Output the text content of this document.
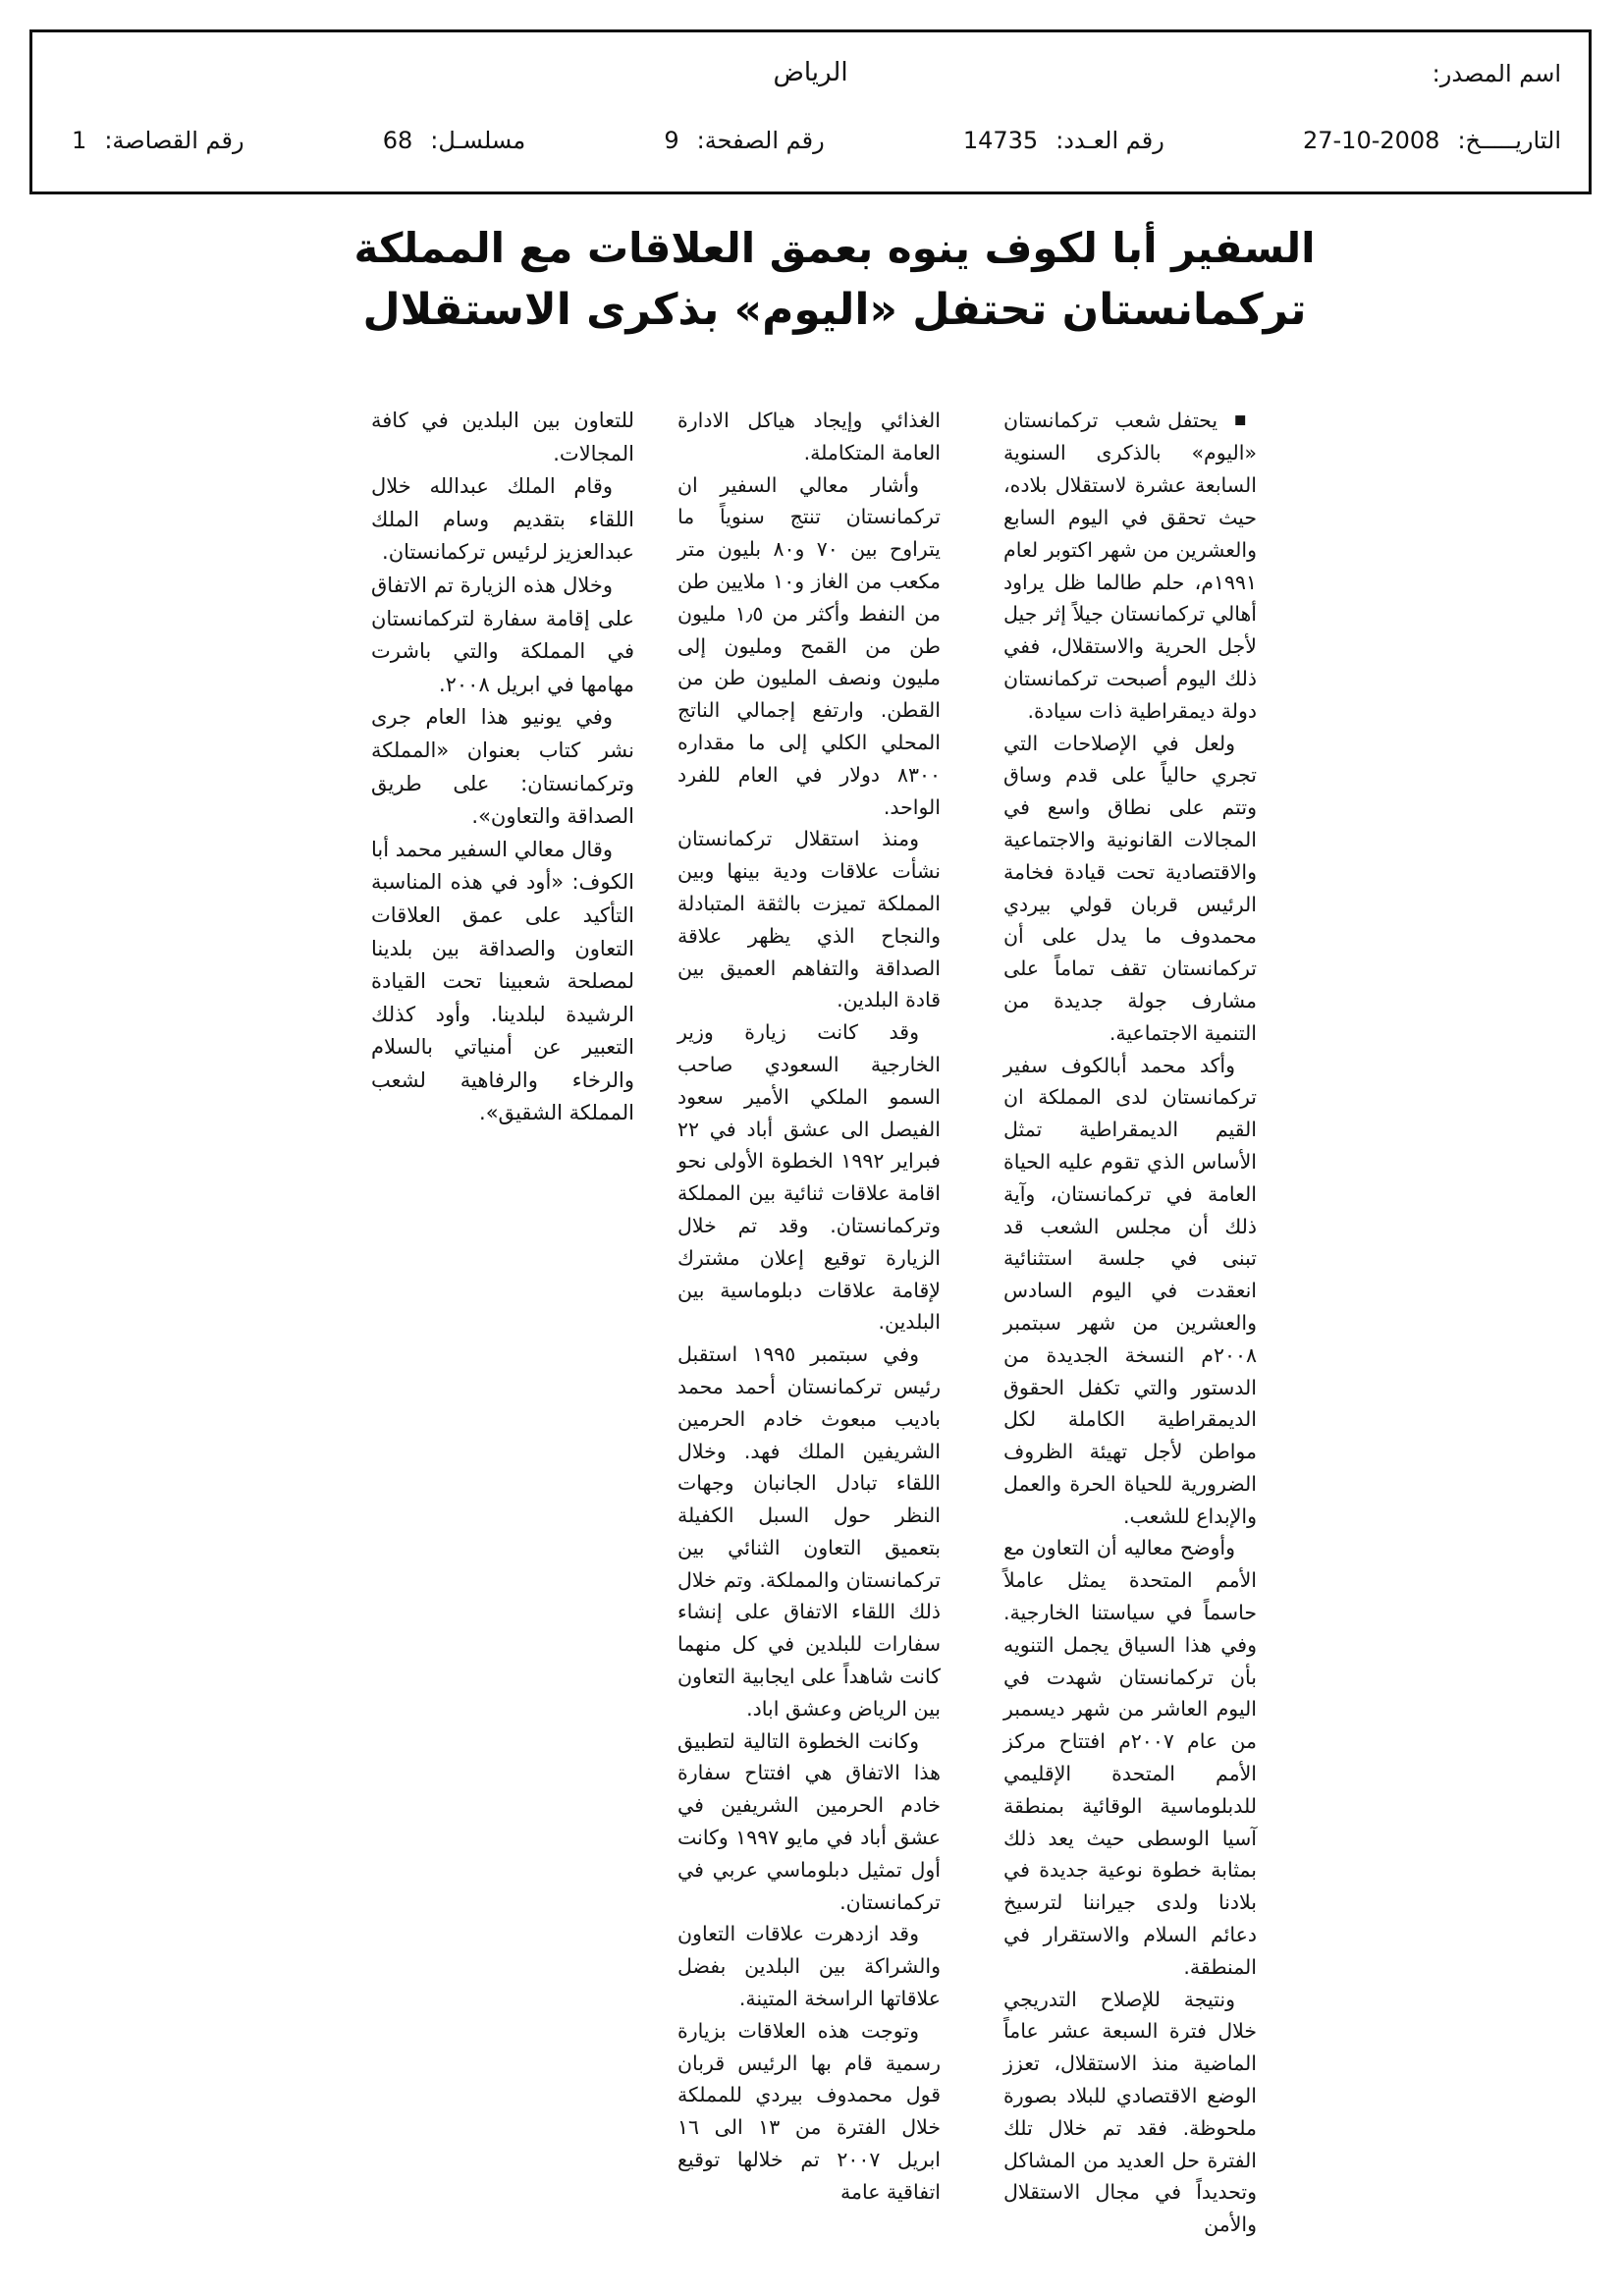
اسم المصدر:
الرياض
التاريـــــخ:
27-10-2008
رقم العـدد:
14735
رقم الصفحة:
9
مسلسـل:
68
رقم القصاصة:
1
السفير أبا لكوف ينوه بعمق العلاقات مع المملكة
تركمانستان تحتفل «اليوم» بذكرى الاستقلال

■ يحتفل شعب تركمانستان «اليوم» بالذكرى السنوية السابعة عشرة لاستقلال بلاده، حيث تحقق في اليوم السابع والعشرين من شهر اكتوبر لعام ١٩٩١م، حلم طالما ظل يراود أهالي تركمانستان جيلاً إثر جيل لأجل الحرية والاستقلال، ففي ذلك اليوم أصبحت تركمانستان دولة ديمقراطية ذات سيادة.

ولعل في الإصلاحات التي تجري حالياً على قدم وساق وتتم على نطاق واسع في المجالات القانونية والاجتماعية والاقتصادية تحت قيادة فخامة الرئيس قربان قولي بيردي محمدوف ما يدل على أن تركمانستان تقف تماماً على مشارف جولة جديدة من التنمية الاجتماعية.

وأكد محمد أبالكوف سفير تركمانستان لدى المملكة ان القيم الديمقراطية تمثل الأساس الذي تقوم عليه الحياة العامة في تركمانستان، وآية ذلك أن مجلس الشعب قد تبنى في جلسة استثنائية انعقدت في اليوم السادس والعشرين من شهر سبتمبر ٢٠٠٨م النسخة الجديدة من الدستور والتي تكفل الحقوق الديمقراطية الكاملة لكل مواطن لأجل تهيئة الظروف الضرورية للحياة الحرة والعمل والإبداع للشعب.

وأوضح معاليه أن التعاون مع الأمم المتحدة يمثل عاملاً حاسماً في سياستنا الخارجية. وفي هذا السياق يجمل التنويه بأن تركمانستان شهدت في اليوم العاشر من شهر ديسمبر من عام ٢٠٠٧م افتتاح مركز الأمم المتحدة الإقليمي للدبلوماسية الوقائية بمنطقة آسيا الوسطى حيث يعد ذلك بمثابة خطوة نوعية جديدة في بلادنا ولدى جيراننا لترسيخ دعائم السلام والاستقرار في المنطقة.

ونتيجة للإصلاح التدريجي خلال فترة السبعة عشر عاماً الماضية منذ الاستقلال، تعزز الوضع الاقتصادي للبلاد بصورة ملحوظة. فقد تم خلال تلك الفترة حل العديد من المشاكل وتحديداً في مجال الاستقلال والأمن

الغذائي وإيجاد هياكل الادارة العامة المتكاملة.

وأشار معالي السفير ان تركمانستان تنتج سنوياً ما يتراوح بين ٧٠ و٨٠ بليون متر مكعب من الغاز و١٠ ملايين طن من النفط وأكثر من ١٫٥ مليون طن من القمح ومليون إلى مليون ونصف المليون طن من القطن. وارتفع إجمالي الناتج المحلي الكلي إلى ما مقداره ٨٣٠٠ دولار في العام للفرد الواحد.

ومنذ استقلال تركمانستان نشأت علاقات ودية بينها وبين المملكة تميزت بالثقة المتبادلة والنجاح الذي يظهر علاقة الصداقة والتفاهم العميق بين قادة البلدين.

وقد كانت زيارة وزير الخارجية السعودي صاحب السمو الملكي الأمير سعود الفيصل الى عشق أباد في ٢٢ فبراير ١٩٩٢ الخطوة الأولى نحو اقامة علاقات ثنائية بين المملكة وتركمانستان. وقد تم خلال الزيارة توقيع إعلان مشترك لإقامة علاقات دبلوماسية بين البلدين.

وفي سبتمبر ١٩٩٥ استقبل رئيس تركمانستان أحمد محمد باديب مبعوث خادم الحرمين الشريفين الملك فهد. وخلال اللقاء تبادل الجانبان وجهات النظر حول السبل الكفيلة بتعميق التعاون الثنائي بين تركمانستان والمملكة. وتم خلال ذلك اللقاء الاتفاق على إنشاء سفارات للبلدين في كل منهما كانت شاهداً على ايجابية التعاون بين الرياض وعشق اباد.

وكانت الخطوة التالية لتطبيق هذا الاتفاق هي افتتاح سفارة خادم الحرمين الشريفين في عشق أباد في مايو ١٩٩٧ وكانت أول تمثيل دبلوماسي عربي في تركمانستان.

وقد ازدهرت علاقات التعاون والشراكة بين البلدين بفضل علاقاتها الراسخة المتينة.

وتوجت هذه العلاقات بزيارة رسمية قام بها الرئيس قربان قول محمدوف بيردي للمملكة خلال الفترة من ١٣ الى ١٦ ابريل ٢٠٠٧ تم خلالها توقيع اتفاقية عامة

للتعاون بين البلدين في كافة المجالات.

وقام الملك عبدالله خلال اللقاء بتقديم وسام الملك عبدالعزيز لرئيس تركمانستان.

وخلال هذه الزيارة تم الاتفاق على إقامة سفارة لتركمانستان في المملكة والتي باشرت مهامها في ابريل ٢٠٠٨.

وفي يونيو هذا العام جرى نشر كتاب بعنوان «المملكة وتركمانستان: على طريق الصداقة والتعاون».

وقال معالي السفير محمد أبا الكوف: «أود في هذه المناسبة التأكيد على عمق العلاقات التعاون والصداقة بين بلدينا لمصلحة شعبينا تحت القيادة الرشيدة لبلدينا. وأود كذلك التعبير عن أمنياتي بالسلام والرخاء والرفاهية لشعب المملكة الشقيق».
